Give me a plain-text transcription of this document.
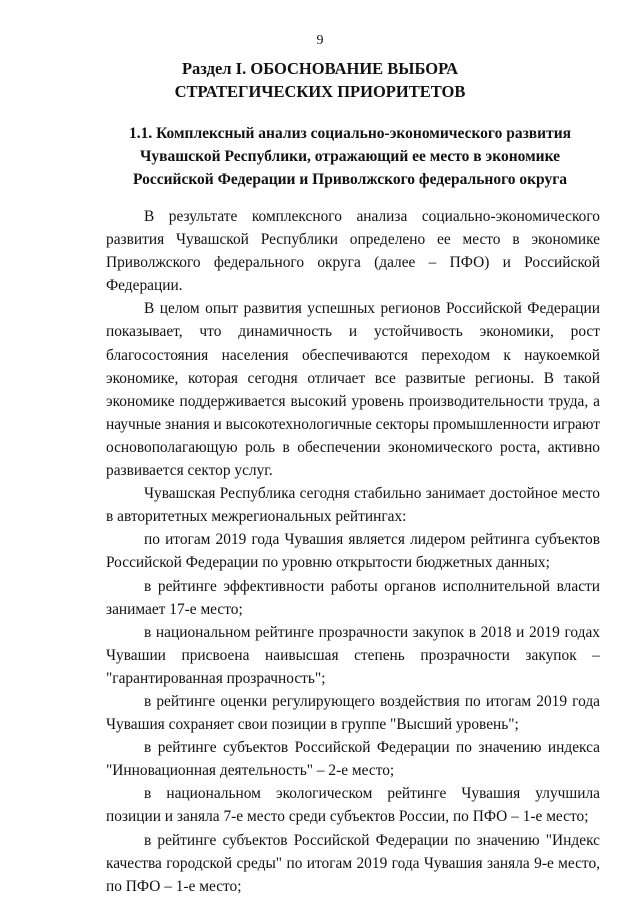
9
Раздел I. ОБОСНОВАНИЕ ВЫБОРА
СТРАТЕГИЧЕСКИХ ПРИОРИТЕТОВ
1.1. Комплексный анализ социально-экономического развития
Чувашской Республики, отражающий ее место в экономике
Российской Федерации и Приволжского федерального округа

В результате комплексного анализа социально-экономического развития Чувашской Республики определено ее место в экономике Приволжского федерального округа (далее – ПФО) и Российской Федерации.

В целом опыт развития успешных регионов Российской Федерации показывает, что динамичность и устойчивость экономики, рост благосостояния населения обеспечиваются переходом к наукоемкой экономике, которая сегодня отличает все развитые регионы. В такой экономике поддерживается высокий уровень производительности труда, а научные знания и высокотехнологичные секторы промышленности играют основополагающую роль в обеспечении экономического роста, активно развивается сектор услуг.

Чувашская Республика сегодня стабильно занимает достойное место в авторитетных межрегиональных рейтингах:

по итогам 2019 года Чувашия является лидером рейтинга субъектов Российской Федерации по уровню открытости бюджетных данных;

в рейтинге эффективности работы органов исполнительной власти занимает 17-е место;

в национальном рейтинге прозрачности закупок в 2018 и 2019 годах Чувашии присвоена наивысшая степень прозрачности закупок – "гарантированная прозрачность";

в рейтинге оценки регулирующего воздействия по итогам 2019 года Чувашия сохраняет свои позиции в группе "Высший уровень";

в рейтинге субъектов Российской Федерации по значению индекса "Инновационная деятельность" – 2-е место;

в национальном экологическом рейтинге Чувашия улучшила позиции и заняла 7-е место среди субъектов России, по ПФО – 1-е место;

в рейтинге субъектов Российской Федерации по значению "Индекс качества городской среды" по итогам 2019 года Чувашия заняла 9-е место, по ПФО – 1-е место;
